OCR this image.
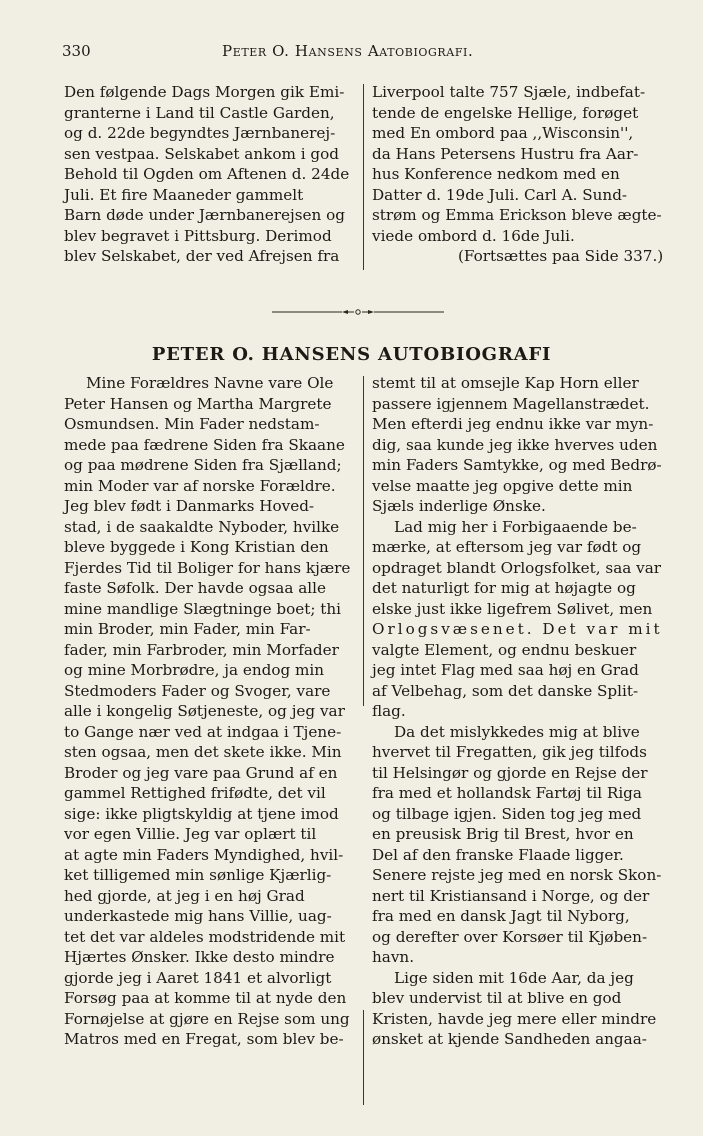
330	Peter O. Hansens Aatobiografi.
Den følgende Dags Morgen gik Emi-
granterne i Land til Castle Garden,
og d. 22de begyndtes Jærnbanerej-
sen vestpaa. Selskabet ankom i god
Behold til Ogden om Aftenen d. 24de
Juli. Et fire Maaneder gammelt
Barn døde under Jærnbanerejsen og
blev begravet i Pittsburg. Derimod
blev Selskabet, der ved Afrejsen fra
Liverpool talte 757 Sjæle, indbefat-
tende de engelske Hellige, forøget
med En ombord paa ,,Wisconsin'',
da Hans Petersens Hustru fra Aar-
hus Konference nedkom med en
Datter d. 19de Juli. Carl A. Sund-
strøm og Emma Erickson bleve ægte-
viede ombord d. 16de Juli.
(Fortsættes paa Side 337.)
PETER O. HANSENS AUTOBIOGRAFI
Mine Forældres Navne vare Ole
Peter Hansen og Martha Margrete
Osmundsen. Min Fader nedstam-
mede paa fædrene Siden fra Skaane
og paa mødrene Siden fra Sjælland;
min Moder var af norske Forældre.
Jeg blev født i Danmarks Hoved-
stad, i de saakaldte Nyboder, hvilke
bleve byggede i Kong Kristian den
Fjerdes Tid til Boliger for hans kjære
faste Søfolk. Der havde ogsaa alle
mine mandlige Slægtninge boet; thi
min Broder, min Fader, min Far-
fader, min Farbroder, min Morfader
og mine Morbrødre, ja endog min
Stedmoders Fader og Svoger, vare
alle i kongelig Søtjeneste, og jeg var
to Gange nær ved at indgaa i Tjene-
sten ogsaa, men det skete ikke. Min
Broder og jeg vare paa Grund af en
gammel Rettighed frifødte, det vil
sige: ikke pligtskyldig at tjene imod
vor egen Villie. Jeg var oplært til
at agte min Faders Myndighed, hvil-
ket tilligemed min sønlige Kjærlig-
hed gjorde, at jeg i en høj Grad
underkastede mig hans Villie, uag-
tet det var aldeles modstridende mit
Hjærtes Ønsker. Ikke desto mindre
gjorde jeg i Aaret 1841 et alvorligt
Forsøg paa at komme til at nyde den
Fornøjelse at gjøre en Rejse som ung
Matros med en Fregat, som blev be-
stemt til at omsejle Kap Horn eller
passere igjennem Magellanstrædet.
Men efterdi jeg endnu ikke var myn-
dig, saa kunde jeg ikke hverves uden
min Faders Samtykke, og med Bedrø-
velse maatte jeg opgive dette min
Sjæls inderlige Ønske.
Lad mig her i Forbigaaende be-
mærke, at eftersom jeg var født og
opdraget blandt Orlogsfolket, saa var
det naturligt for mig at højagte og
elske just ikke ligefrem Sølivet, men
Orlogsvæsenet. Det var mit
valgte Element, og endnu beskuer
jeg intet Flag med saa høj en Grad
af Velbehag, som det danske Split-
flag.
Da det mislykkedes mig at blive
hvervet til Fregatten, gik jeg tilfods
til Helsingør og gjorde en Rejse der
fra med et hollandsk Fartøj til Riga
og tilbage igjen. Siden tog jeg med
en preusisk Brig til Brest, hvor en
Del af den franske Flaade ligger.
Senere rejste jeg med en norsk Skon-
nert til Kristiansand i Norge, og der
fra med en dansk Jagt til Nyborg,
og derefter over Korsøer til Kjøben-
havn.
Lige siden mit 16de Aar, da jeg
blev undervist til at blive en god
Kristen, havde jeg mere eller mindre
ønsket at kjende Sandheden angaa-
